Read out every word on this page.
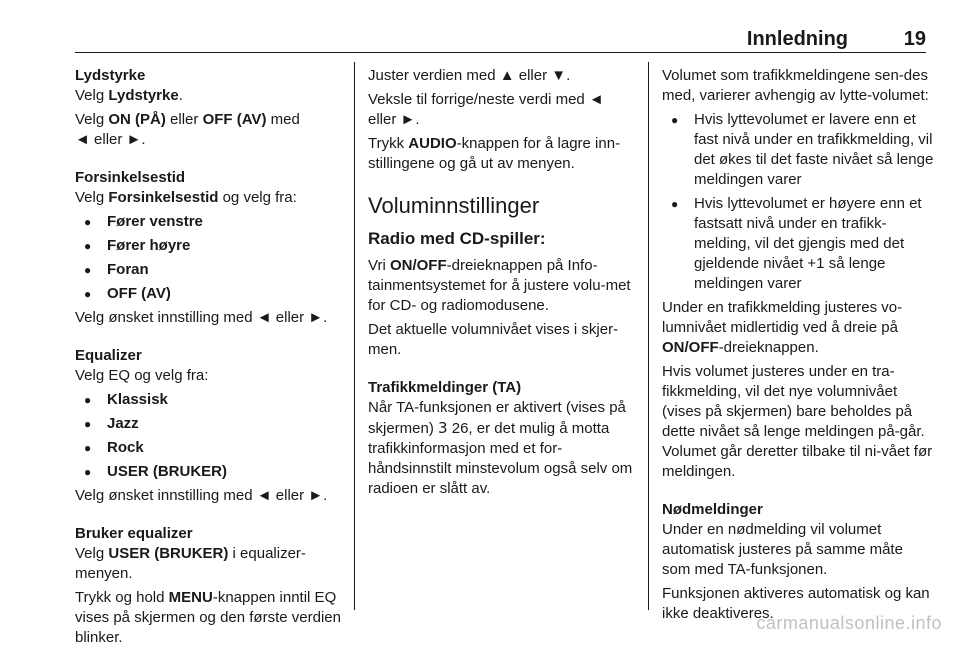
Innledning	19

Lydstyrke

Velg Lydstyrke.

Velg ON (PÅ) eller OFF (AV) med
◄ eller ►.

Forsinkelsestid

Velg Forsinkelsestid og velg fra:

● Fører venstre
● Fører høyre
● Foran
● OFF (AV)

Velg ønsket innstilling med ◄ eller ►.

Equalizer

Velg EQ og velg fra:

● Klassisk
● Jazz
● Rock
● USER (BRUKER)

Velg ønsket innstilling med ◄ eller ►.

Bruker equalizer

Velg USER (BRUKER) i equalizer-menyen.

Trykk og hold MENU-knappen inntil EQ vises på skjermen og den første verdien blinker.

Juster verdien med ▲ eller ▼.

Veksle til forrige/neste verdi med ◄ eller ►.

Trykk AUDIO-knappen for å lagre inn-stillingene og gå ut av menyen.

Voluminnstillinger

Radio med CD-spiller:

Vri ON/OFF-dreieknappen på Info-tainmentsystemet for å justere volu-met for CD- og radiomodusene.

Det aktuelle volumnivået vises i skjer-men.

Trafikkmeldinger (TA)

Når TA-funksjonen er aktivert (vises på skjermen) 3 26, er det mulig å motta trafikkinformasjon med et for-håndsinnstilt minstevolum også selv om radioen er slått av.

Volumet som trafikkmeldingene sen-des med, varierer avhengig av lytte-volumet:

● Hvis lyttevolumet er lavere enn et fast nivå under en trafikkmelding, vil det økes til det faste nivået så lenge meldingen varer
● Hvis lyttevolumet er høyere enn et fastsatt nivå under en trafikk-melding, vil det gjengis med det gjeldende nivået +1 så lenge meldingen varer

Under en trafikkmelding justeres vo-lumnivået midlertidig ved å dreie på ON/OFF-dreieknappen.

Hvis volumet justeres under en tra-fikkmelding, vil det nye volumnivået (vises på skjermen) bare beholdes på dette nivået så lenge meldingen på-går. Volumet går deretter tilbake til ni-vået før meldingen.

Nødmeldinger

Under en nødmelding vil volumet automatisk justeres på samme måte som med TA-funksjonen.

Funksjonen aktiveres automatisk og kan ikke deaktiveres.

carmanualsonline.info
